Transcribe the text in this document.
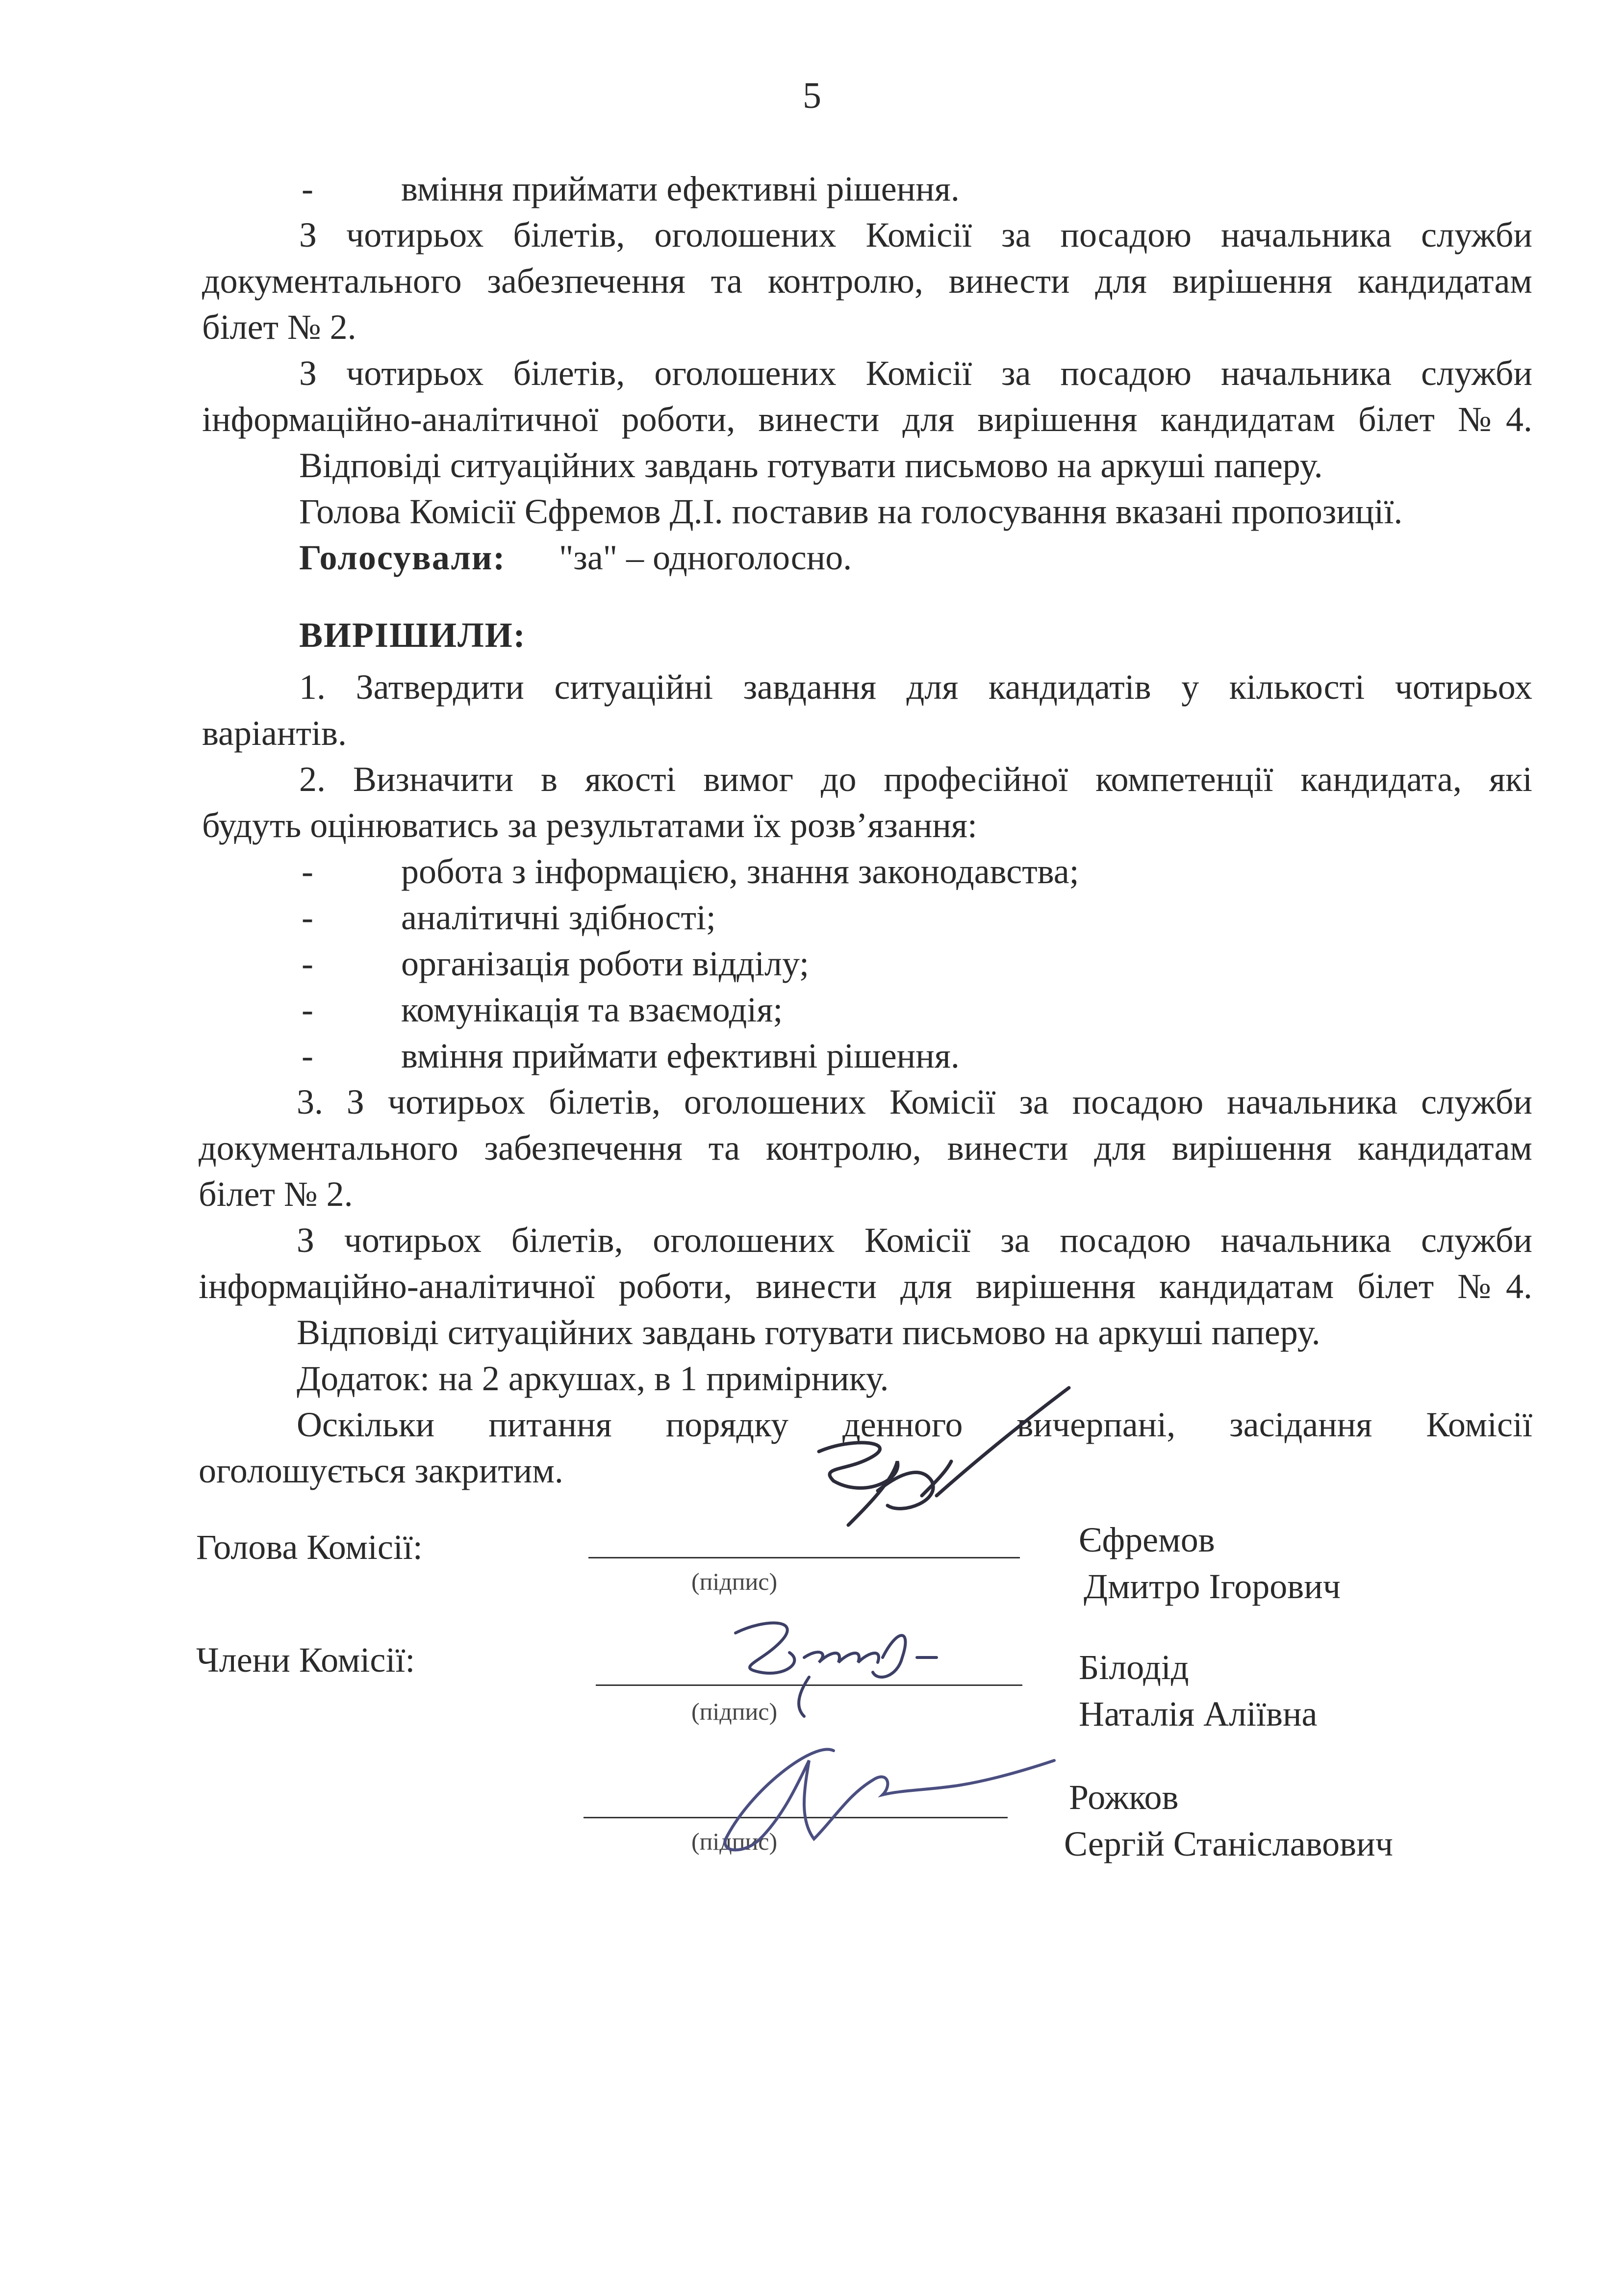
5
- вміння приймати ефективні рішення.
З чотирьох білетів, оголошених Комісії за посадою начальника служби
документального забезпечення та контролю, винести для вирішення кандидатам
білет № 2.
З чотирьох білетів, оголошених Комісії за посадою начальника служби
інформаційно-аналітичної роботи, винести для вирішення кандидатам білет №4.
Відповіді ситуаційних завдань готувати письмово на аркуші паперу.
Голова Комісії Єфремов Д.І. поставив на голосування вказані пропозиції.
Голосували: "за" – одноголосно.
ВИРІШИЛИ:
1. Затвердити ситуаційні завдання для кандидатів у кількості чотирьох
варіантів.
2. Визначити в якості вимог до професійної компетенції кандидата, які
будуть оцінюватись за результатами їх розв’язання:
- робота з інформацією, знання законодавства;
- аналітичні здібності;
- організація роботи відділу;
- комунікація та взаємодія;
- вміння приймати ефективні рішення.
3. З чотирьох білетів, оголошених Комісії за посадою начальника служби
документального забезпечення та контролю, винести для вирішення кандидатам
білет № 2.
З чотирьох білетів, оголошених Комісії за посадою начальника служби
інформаційно-аналітичної роботи, винести для вирішення кандидатам білет №4.
Відповіді ситуаційних завдань готувати письмово на аркуші паперу.
Додаток: на 2 аркушах, в 1 примірнику.
Оскільки питання порядку денного вичерпані, засідання Комісії
оголошується закритим.
Голова Комісії:
(підпис)
Єфремов
Дмитро Ігорович
Члени Комісії:
(підпис)
Білодід
Наталія Аліївна
(підпис)
Рожков
Сергій Станіславович
